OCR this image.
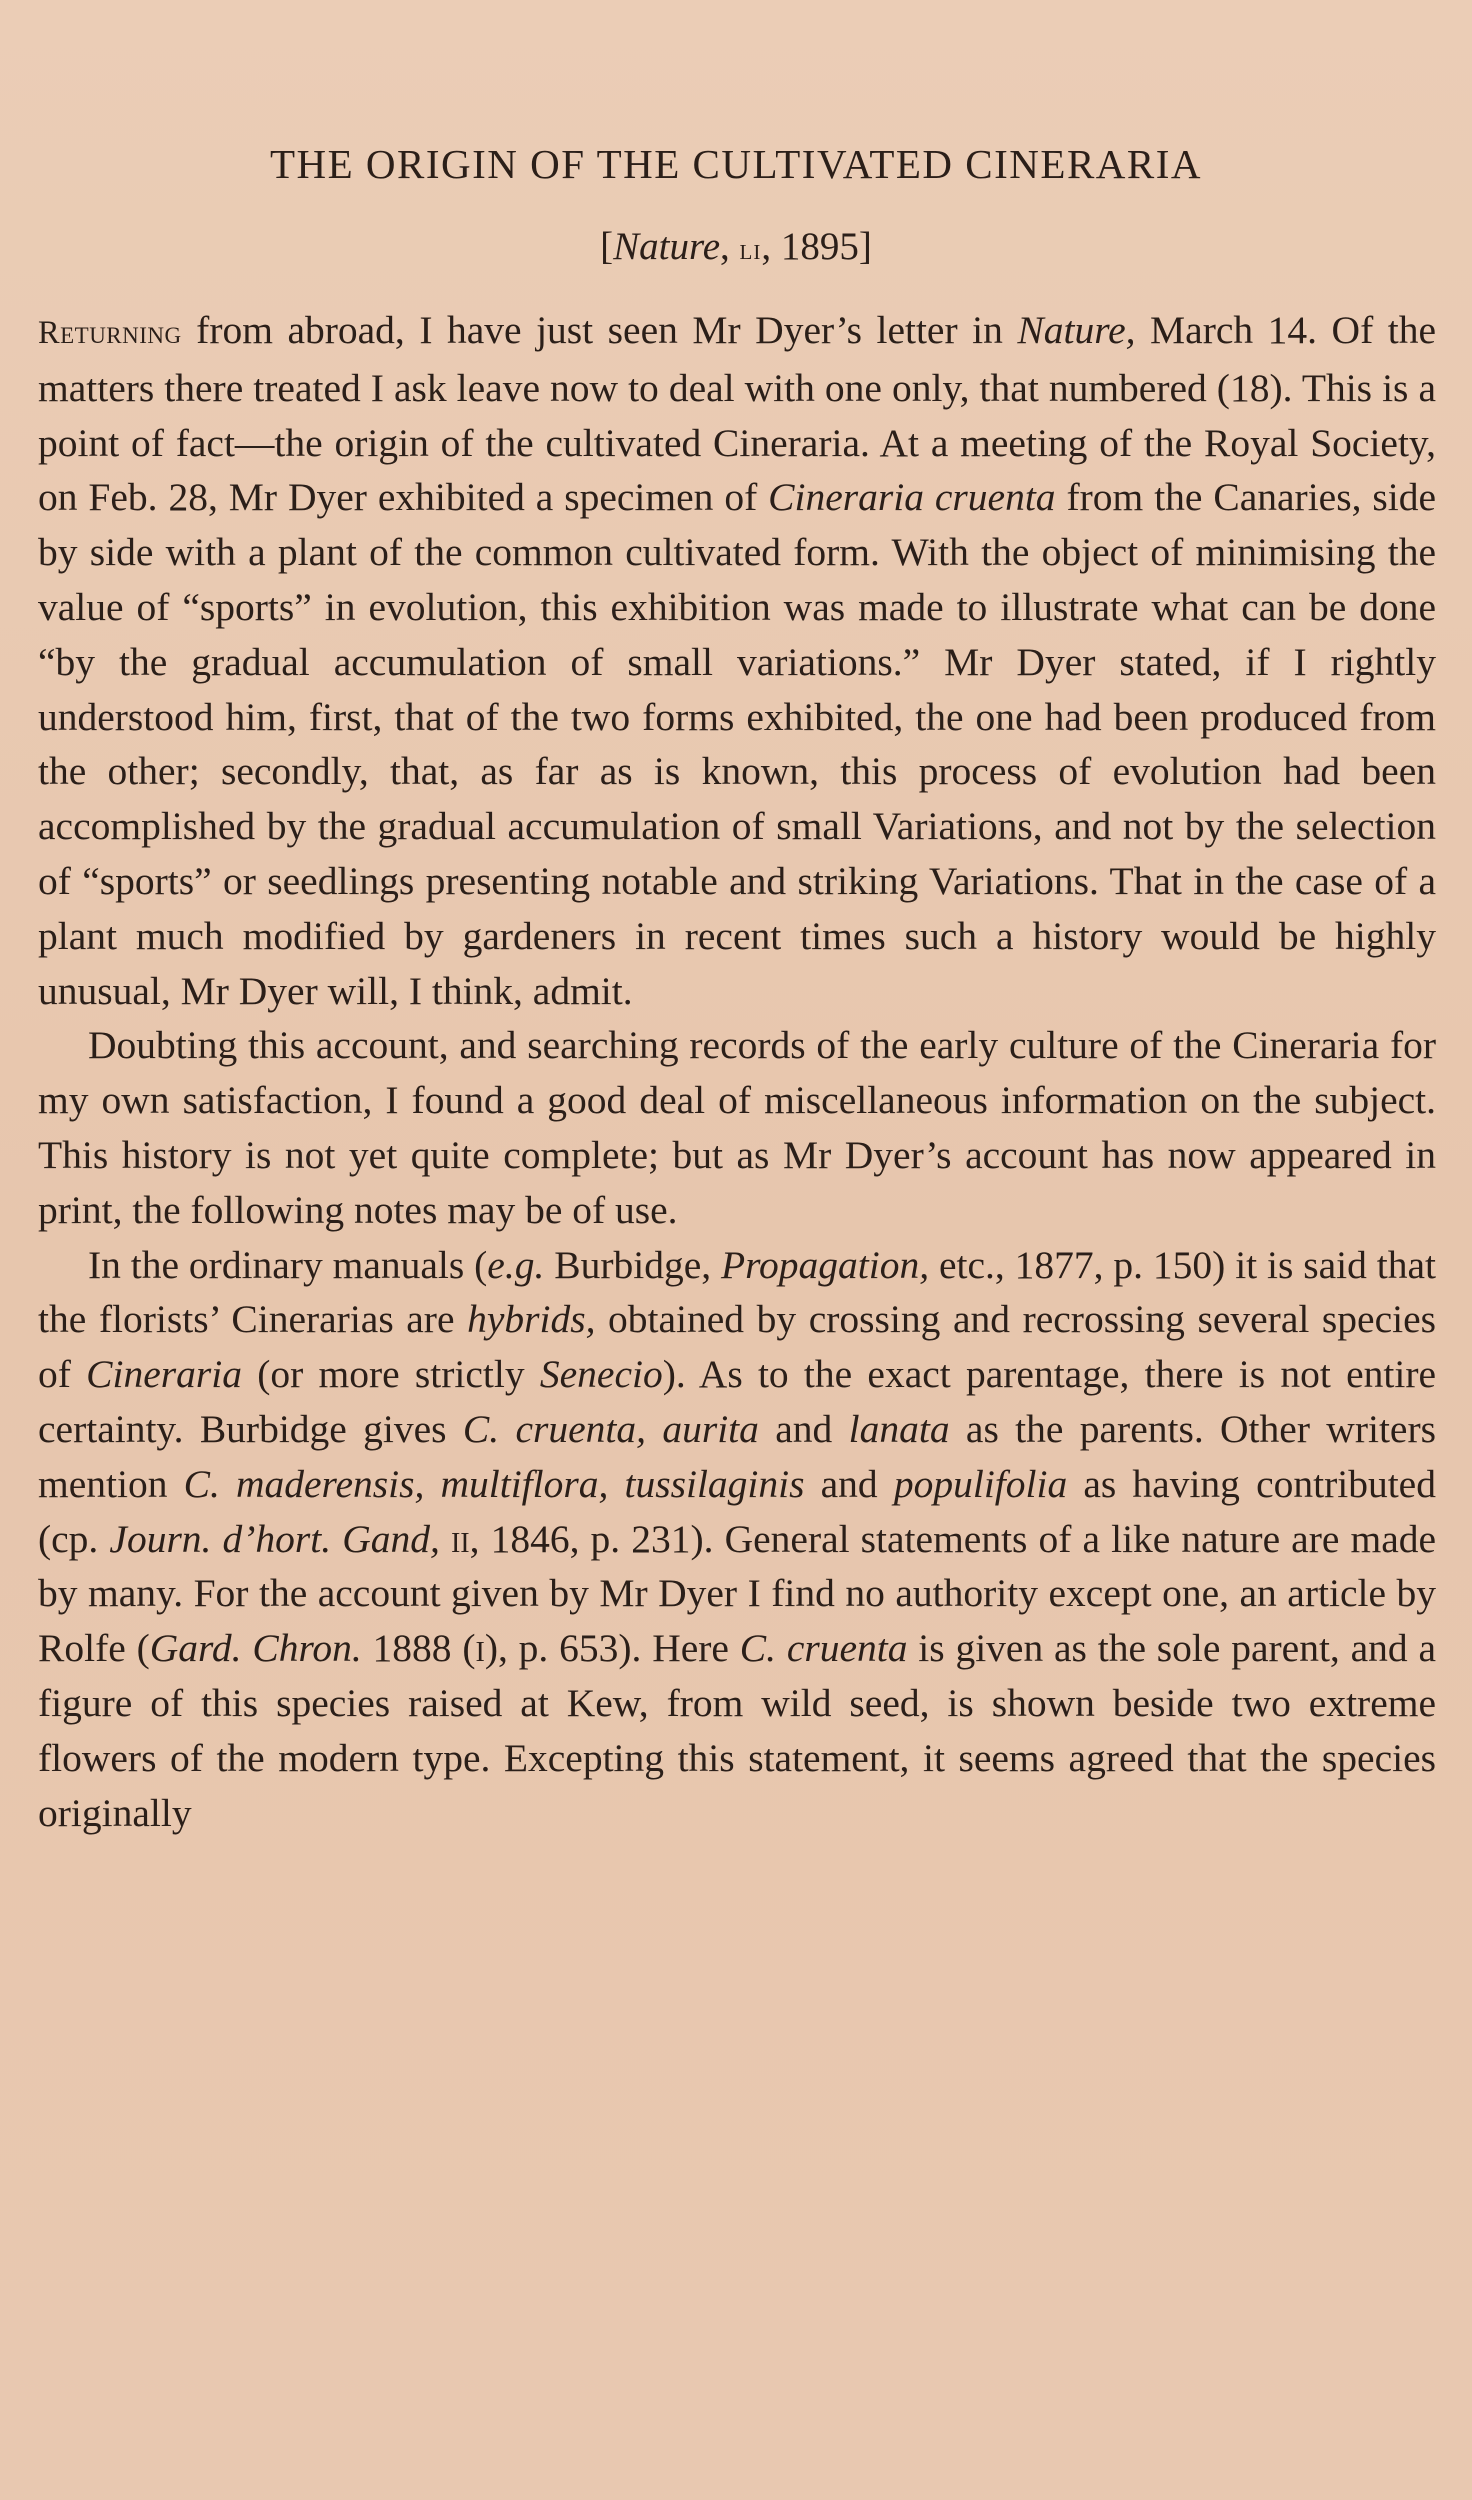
THE ORIGIN OF THE CULTIVATED CINERARIA
[Nature, li, 1895]

Returning from abroad, I have just seen Mr Dyer’s letter in Nature, March 14. Of the matters there treated I ask leave now to deal with one only, that numbered (18). This is a point of fact—the origin of the cultivated Cineraria. At a meeting of the Royal Society, on Feb. 28, Mr Dyer exhibited a specimen of Cineraria cruenta from the Canaries, side by side with a plant of the common cultivated form. With the object of minimising the value of “sports” in evolution, this exhibition was made to illustrate what can be done “by the gradual accumulation of small variations.” Mr Dyer stated, if I rightly understood him, first, that of the two forms exhibited, the one had been produced from the other; secondly, that, as far as is known, this process of evolution had been accomplished by the gradual accumulation of small Variations, and not by the selection of “sports” or seedlings presenting notable and striking Variations. That in the case of a plant much modified by gardeners in recent times such a history would be highly unusual, Mr Dyer will, I think, admit.

Doubting this account, and searching records of the early culture of the Cineraria for my own satisfaction, I found a good deal of miscellaneous information on the subject. This history is not yet quite complete; but as Mr Dyer’s account has now appeared in print, the following notes may be of use.

In the ordinary manuals (e.g. Burbidge, Propagation, etc., 1877, p. 150) it is said that the florists’ Cinerarias are hybrids, obtained by crossing and recrossing several species of Cineraria (or more strictly Senecio). As to the exact parentage, there is not entire certainty. Burbidge gives C. cruenta, aurita and lanata as the parents. Other writers mention C. maderensis, multiflora, tussilaginis and populifolia as having contributed (cp. Journ. d’hort. Gand, ii, 1846, p. 231). General statements of a like nature are made by many. For the account given by Mr Dyer I find no authority except one, an article by Rolfe (Gard. Chron. 1888 (i), p. 653). Here C. cruenta is given as the sole parent, and a figure of this species raised at Kew, from wild seed, is shown beside two extreme flowers of the modern type. Excepting this statement, it seems agreed that the species originally
